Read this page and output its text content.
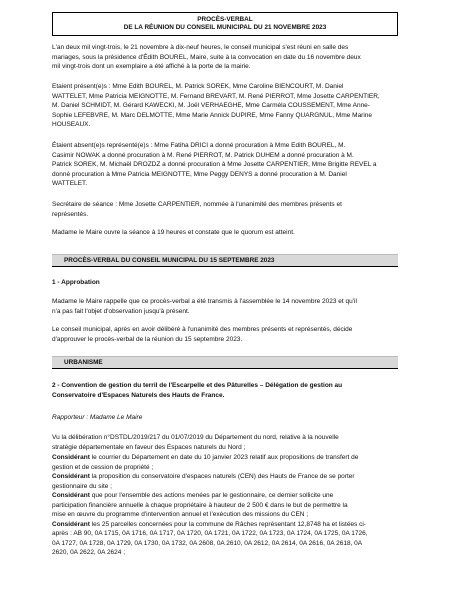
PROCÈS-VERBAL
DE LA RÉUNION DU CONSEIL MUNICIPAL DU 21 NOVEMBRE 2023
L'an deux mil vingt-trois, le 21 novembre à dix-neuf heures, le conseil municipal s'est réuni en salle des
mariages, sous la présidence d'Édith BOUREL, Maire, suite à la convocation en date du 16 novembre deux
mil vingt-trois dont un exemplaire a été affiché à la porte de la mairie.
Etaient présent(e)s : Mme Edith BOUREL, M. Patrick SOREK, Mme Caroline BIENCOURT, M. Daniel
WATTELET, Mme Patricia MEIGNOTTE, M. Fernand BREVART, M. René PIERROT, Mme Josette CARPENTIER,
M. Daniel SCHMIDT, M. Gérard KAWECKI, M. Joël VERHAEGHE, Mme Carméla COUSSEMENT, Mme Anne-
Sophie LEFEBVRE, M. Marc DELMOTTE, Mme Marie Annick DUPIRE, Mme Fanny QUARGNUL, Mme Marine
HOUSEAUX.
Étaient absent(e)s représenté(e)s : Mme Fatiha DRICI a donné procuration à Mme Edith BOUREL, M.
Casimir NOWAK a donné procuration à M. René PIERROT, M. Patrick DUHEM a donné procuration à M.
Patrick SOREK, M. Michaël DROZDZ a donné procuration à Mme Josette CARPENTIER, Mme Brigitte REVEL a
donné procuration à Mme Patricia MEIGNOTTE, Mme Peggy DENYS a donné procuration à M. Daniel
WATTELET.
Secrétaire de séance : Mme Josette CARPENTIER, nommée à l'unanimité des membres présents et
représentés.
Madame le Maire ouvre la séance à 19 heures et constate que le quorum est atteint.
PROCÈS-VERBAL DU CONSEIL MUNICIPAL DU 15 SEPTEMBRE 2023
1 - Approbation
Madame le Maire rappelle que ce procès-verbal a été transmis à l'assemblée le 14 novembre 2023 et qu'il
n'a pas fait l'objet d'observation jusqu'à présent.
Le conseil municipal, après en avoir délibéré à l'unanimité des membres présents et représentés, décide
d'approuver le procès-verbal de la réunion du 15 septembre 2023.
URBANISME
2 - Convention de gestion du terril de l'Escarpelle et des Pâturelles – Délégation de gestion au
Conservatoire d'Espaces Naturels des Hauts de France.
Rapporteur : Madame Le Maire
Vu la délibération n°DSTDL/2019/217 du 01/07/2019 du Département du nord, relative à la nouvelle
stratégie départementale en faveur des Espaces naturels du Nord ;
Considérant le courrier du Département en date du 10 janvier 2023 relatif aux propositions de transfert de
gestion et de cession de propriété ;
Considérant la proposition du conservatoire d'espaces naturels (CEN) des Hauts de France de se porter
gestionnaire du site ;
Considérant que pour l'ensemble des actions menées par le gestionnaire, ce dernier sollicite une
participation financière annuelle à chaque propriétaire à hauteur de 2 500 € dans le but de permettre la
mise en œuvre du programme d'intervention annuel et l'exécution des missions du CEN ;
Considérant les 25 parcelles concernées pour la commune de Râches représentant 12,8748 ha et listées ci-
après : AB 90, 0A 1715, 0A 1716, 0A 1717, 0A 1720, 0A 1721, 0A 1722, 0A 1723, 0A 1724, 0A 1725, 0A 1726,
0A 1727, 0A 1728, 0A 1729, 0A 1730, 0A 1732, 0A 2608, 0A 2610, 0A 2612, 0A 2614, 0A 2616, 0A 2618, 0A
2620, 0A 2622, 0A 2624 ;
